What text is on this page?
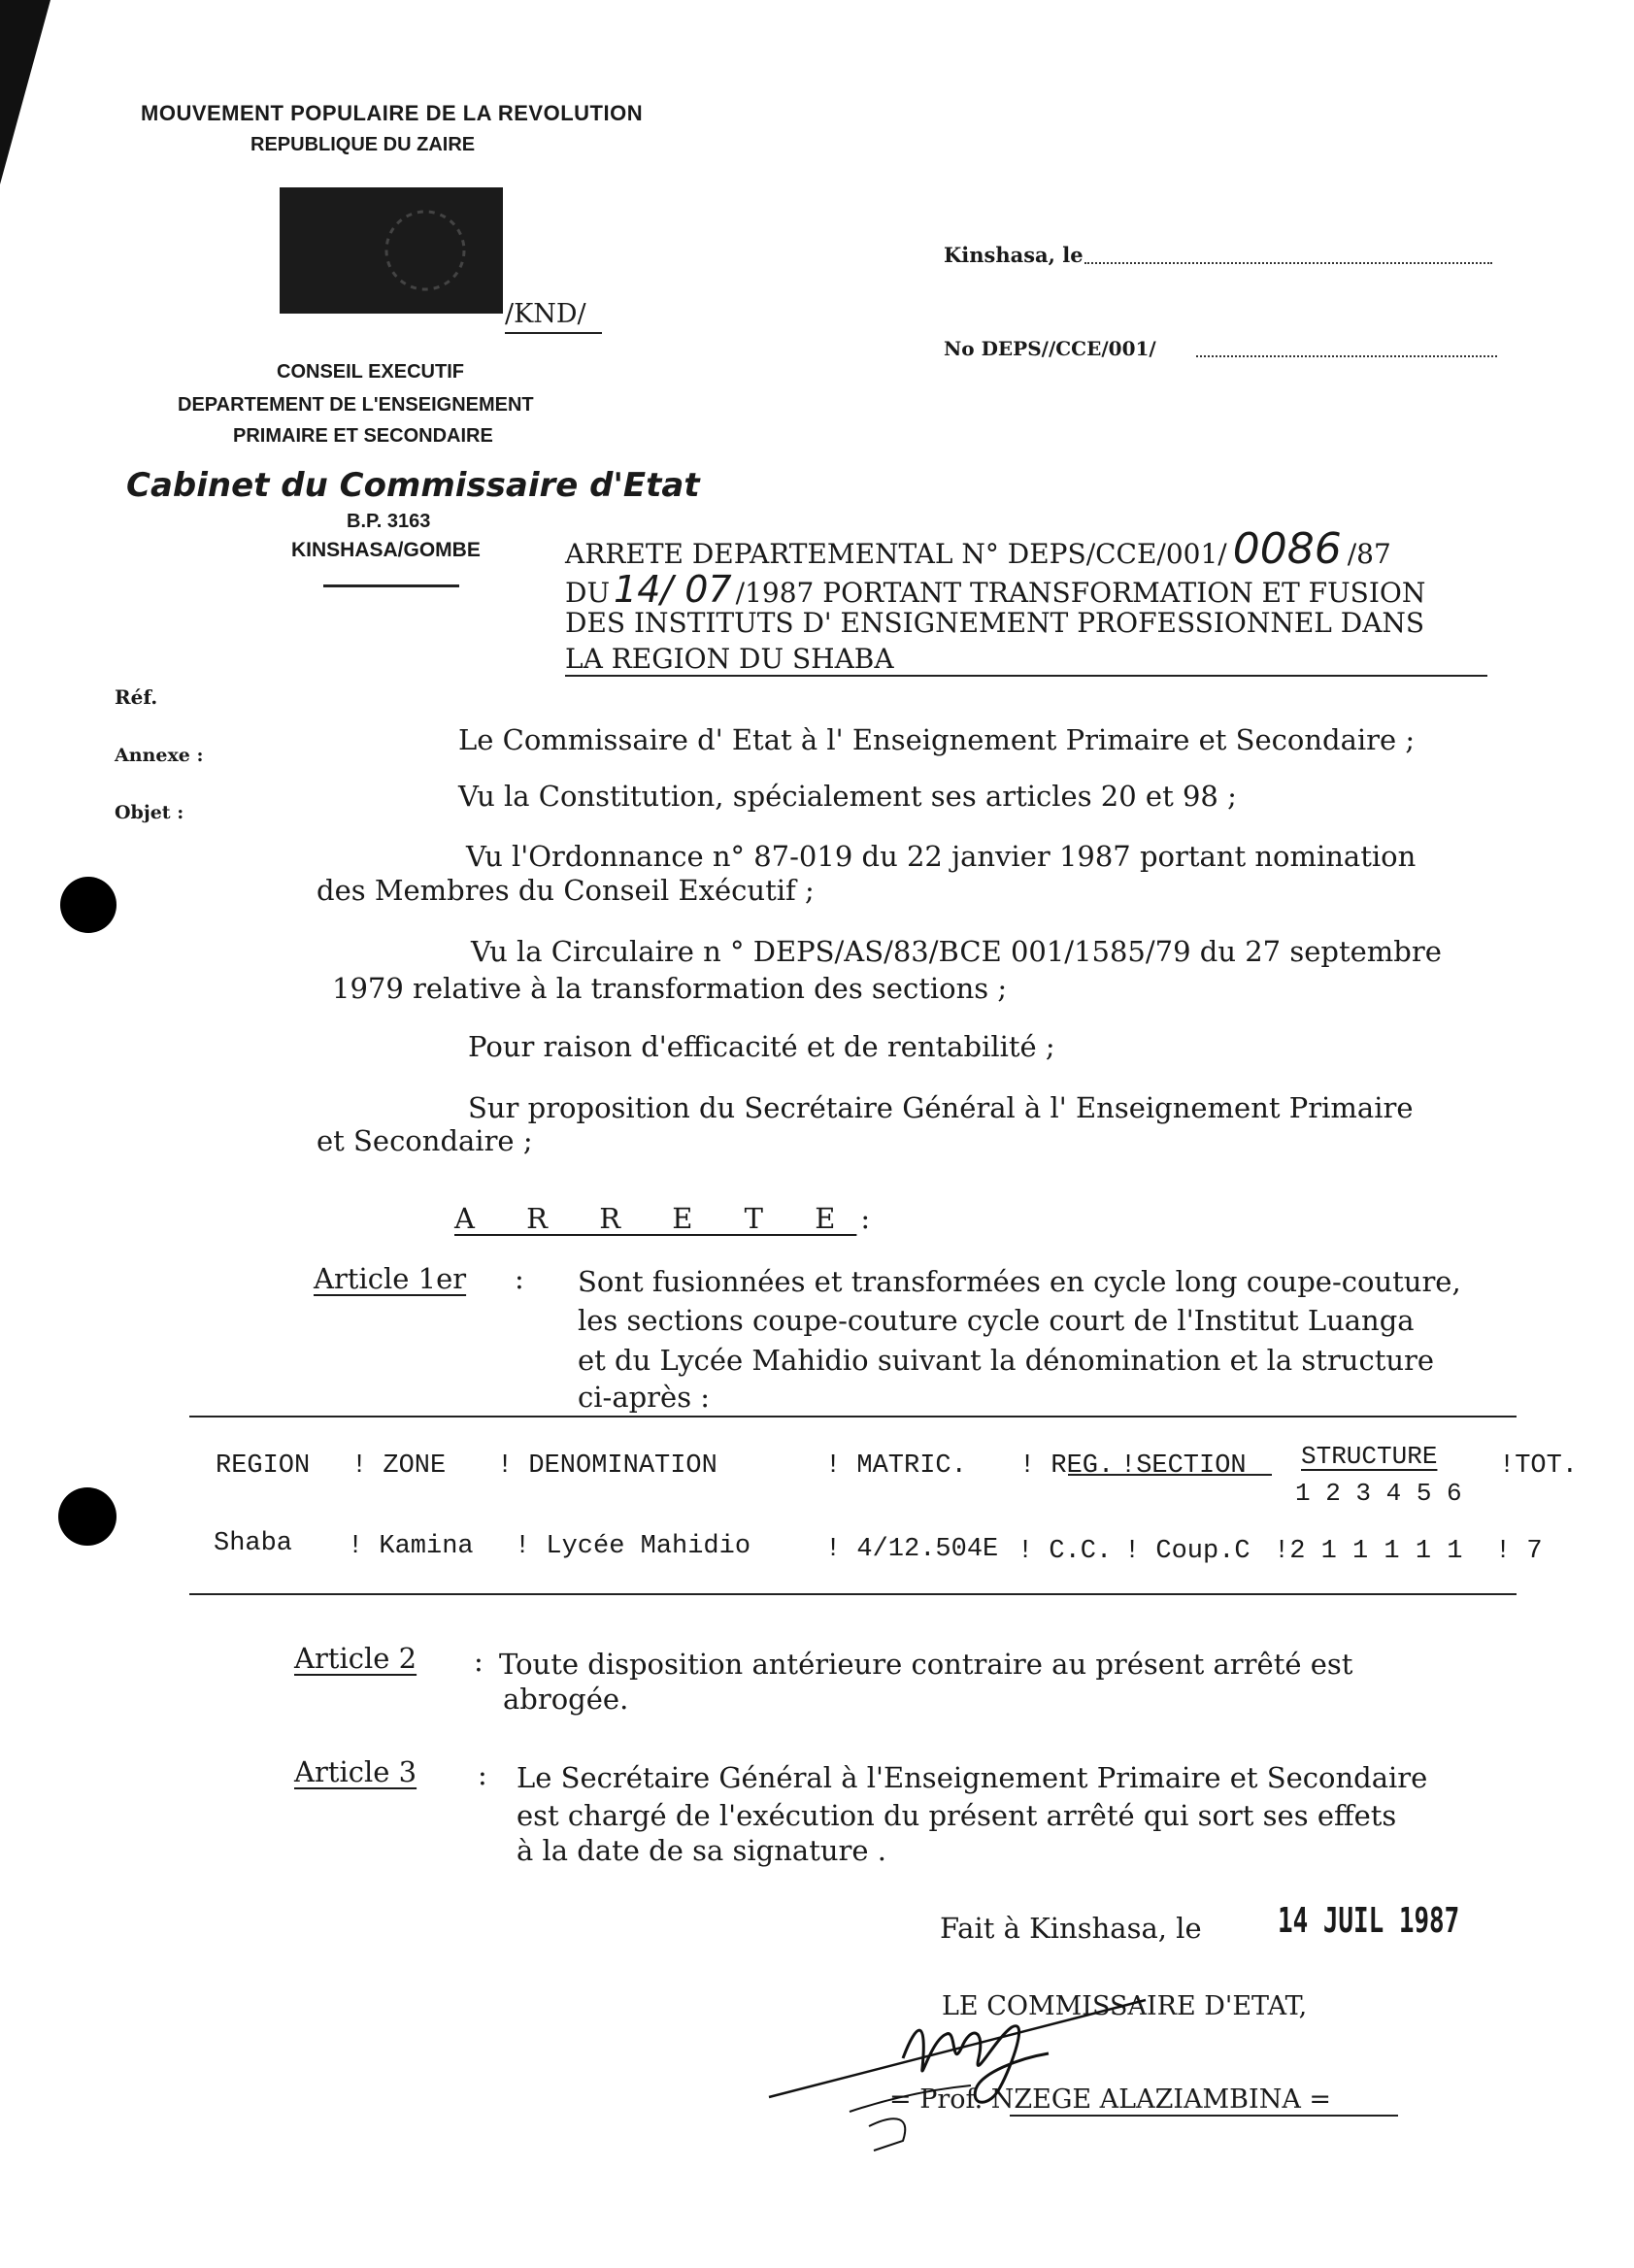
MOUVEMENT POPULAIRE DE LA REVOLUTION
REPUBLIQUE DU ZAIRE
/KND/
CONSEIL EXECUTIF
DEPARTEMENT DE L'ENSEIGNEMENT
PRIMAIRE ET SECONDAIRE
Cabinet du Commissaire d'Etat
B.P. 3163
KINSHASA/GOMBE
Kinshasa, le
No DEPS//CCE/001/
Réf.
Annexe :
Objet :
ARRETE DEPARTEMENTAL N° DEPS/CCE/001/ 0086 /87
DU 14/ 07 /1987 PORTANT TRANSFORMATION ET FUSION
DES INSTITUTS D' ENSIGNEMENT PROFESSIONNEL DANS
LA REGION DU SHABA
Le Commissaire d' Etat à l' Enseignement Primaire et Secondaire ;
Vu la Constitution, spécialement ses articles 20 et 98 ;
Vu l'Ordonnance n° 87-019 du 22 janvier 1987 portant nomination
des Membres du Conseil Exécutif ;
Vu la Circulaire n ° DEPS/AS/83/BCE 001/1585/79 du 27 septembre
1979 relative à la transformation des sections ;
Pour raison d'efficacité et de rentabilité ;
Sur proposition du Secrétaire Général à l' Enseignement Primaire
et Secondaire ;
A R R E T E :
Article 1er : Sont fusionnées et transformées en cycle long coupe-couture,
les sections coupe-couture cycle court de l'Institut Luanga
et du Lycée Mahidio suivant la dénomination et la structure
ci-après :
REGION ! ZONE ! DENOMINATION	! MATRIC. ! REG. !SECTION STRUCTURE
1 2 3 4 5 6
!TOT.
Shaba ! Kamina ! Lycée Mahidio	! 4/12.504E ! C.C. ! Coup.C !2 1 1 1 1 1 ! 7
Article 2 : Toute disposition antérieure contraire au présent arrêté est
abrogée.
Article 3 : Le Secrétaire Général à l'Enseignement Primaire et Secondaire
est chargé de l'exécution du présent arrêté qui sort ses effets
à la date de sa signature .
Fait à Kinshasa, le 14 JUIL 1987
LE COMMISSAIRE D'ETAT,
= Prof. NZEGE ALAZIAMBINA =
